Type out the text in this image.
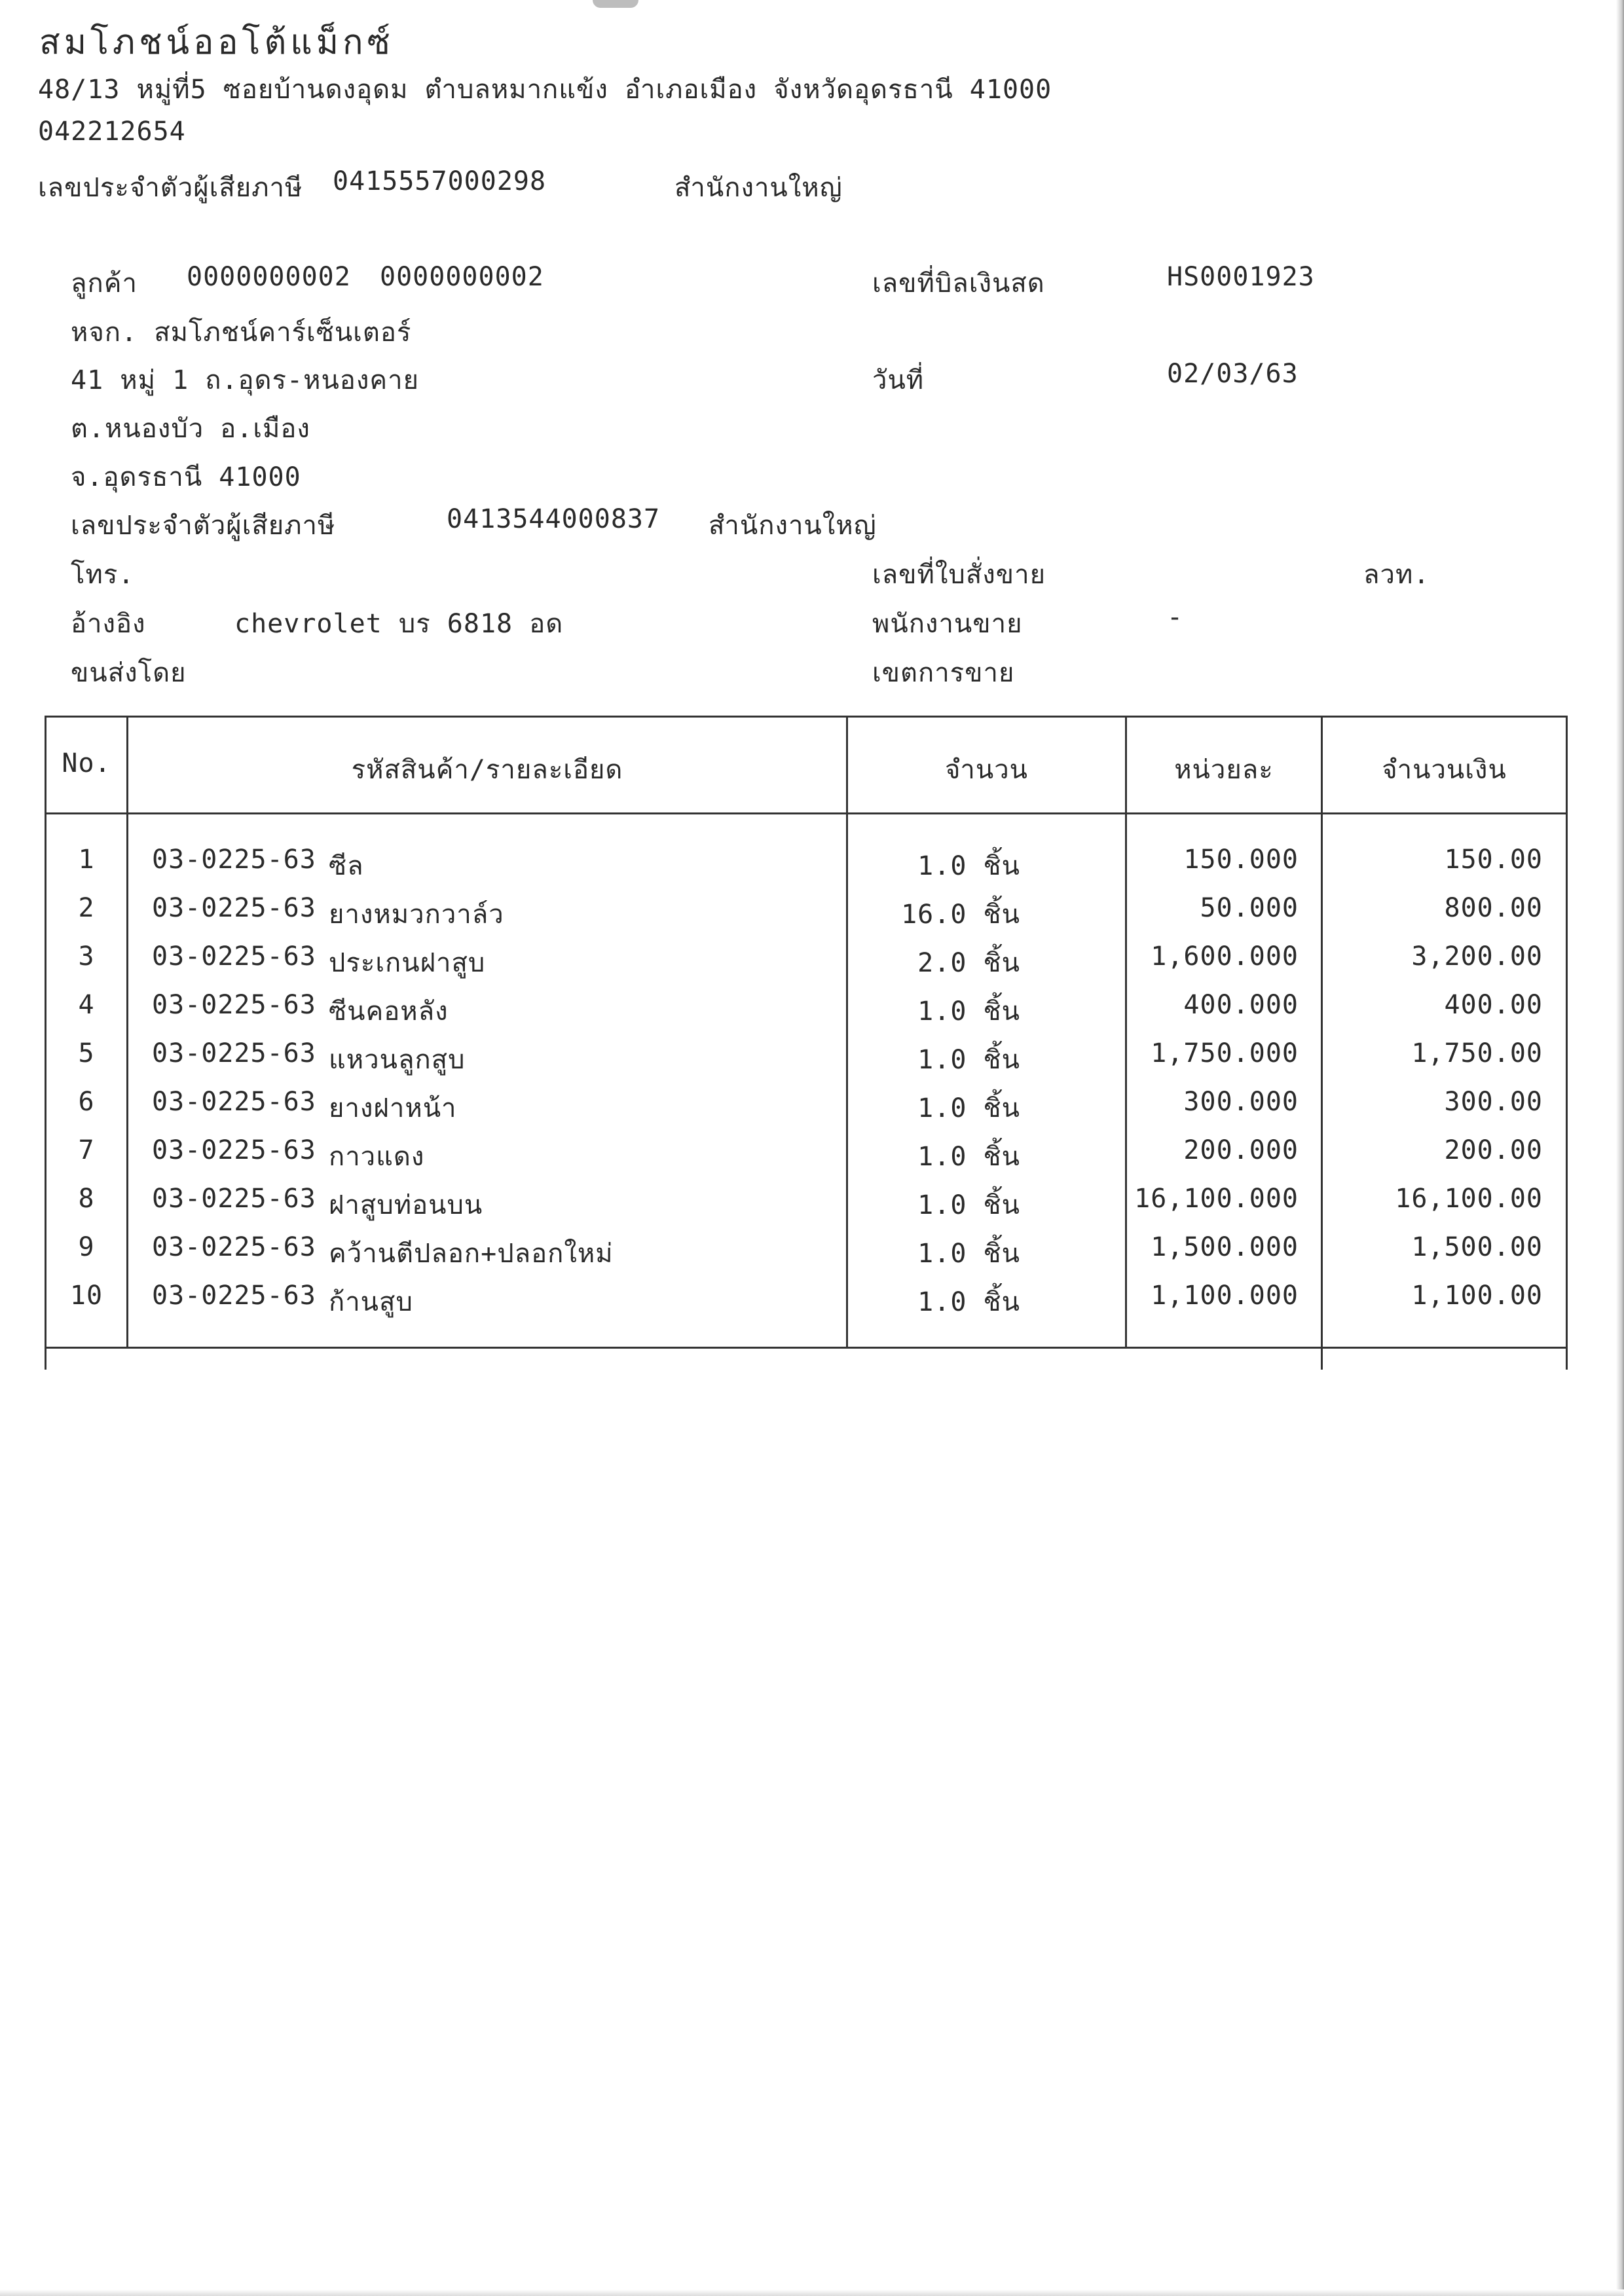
สมโภชน์ออโต้แม็กซ์
48/13 หมู่ที่5 ซอยบ้านดงอุดม ตำบลหมากแข้ง อำเภอเมือง จังหวัดอุดรธานี 41000
042212654
เลขประจำตัวผู้เสียภาษี 0415557000298	สำนักงานใหญ่
ลูกค้า 0000000002 0000000002
หจก. สมโภชน์คาร์เซ็นเตอร์
41 หมู่ 1 ถ.อุดร-หนองคาย
ต.หนองบัว อ.เมือง
จ.อุดรธานี 41000
เลขประจำตัวผู้เสียภาษี	0413544000837 สำนักงานใหญ่
โทร.
อ้างอิง	chevrolet บร 6818 อด
ขนส่งโดย
เลขที่บิลเงินสด	HS0001923
วันที่	02/03/63
เลขที่ใบสั่งขาย	ลวท.
พนักงานขาย	-
เขตการขาย
No.	รหัสสินค้า/รายละเอียด	จำนวน	หน่วยละ	จำนวนเงิน
1	03-0225-63 ซีล	1.0 ชิ้น	150.000	150.00
2	03-0225-63 ยางหมวกวาล์ว	16.0 ชิ้น	50.000	800.00
3	03-0225-63 ประเกนฝาสูบ	2.0 ชิ้น	1,600.000	3,200.00
4	03-0225-63 ซีนคอหลัง	1.0 ชิ้น	400.000	400.00
5	03-0225-63 แหวนลูกสูบ	1.0 ชิ้น	1,750.000	1,750.00
6	03-0225-63 ยางฝาหน้า	1.0 ชิ้น	300.000	300.00
7	03-0225-63 กาวแดง	1.0 ชิ้น	200.000	200.00
8	03-0225-63 ฝาสูบท่อนบน	1.0 ชิ้น	16,100.000	16,100.00
9	03-0225-63 คว้านตีปลอก+ปลอกใหม่	1.0 ชิ้น	1,500.000	1,500.00
10	03-0225-63 ก้านสูบ	1.0 ชิ้น	1,100.000	1,100.00
